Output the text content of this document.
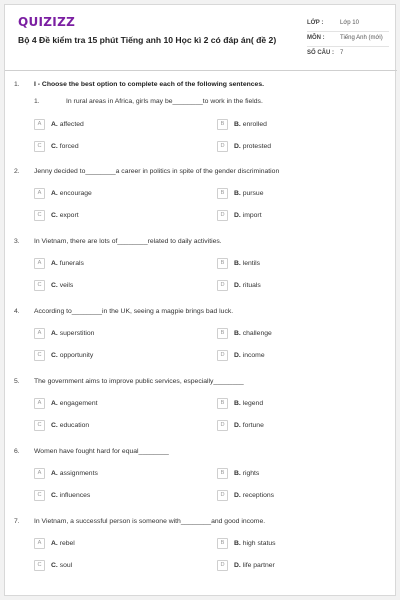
QUIZIZZ
Bộ 4 Đề kiểm tra 15 phút Tiếng anh 10 Học kì 2 có đáp án( đề 2)
LỚP :	Lớp 10
MÔN :	Tiếng Anh (mới)
SỐ CÂU :	7
1. I - Choose the best option to complete each of the following sentences.
1.	In rural areas in Africa, girls may be________to work in the fields.
A	A. affected	B	B. enrolled
C	C. forced	D	D. protested
2. Jenny decided to________a career in politics in spite of the gender discrimination
A	A. encourage	B	B. pursue
C	C. export	D	D. import
3. In Vietnam, there are lots of________related to daily activities.
A	A. funerals	B	B. lentils
C	C. veils	D	D. rituals
4. According to________in the UK, seeing a magpie brings bad luck.
A	A. superstition	B	B. challenge
C	C. opportunity	D	D. income
5. The government aims to improve public services, especially________
A	A. engagement	B	B. legend
C	C. education	D	D. fortune
6. Women have fought hard for equal________
A	A. assignments	B	B. rights
C	C. influences	D	D. receptions
7. In Vietnam, a successful person is someone with________and good income.
A	A. rebel	B	B. high status
C	C. soul	D	D. life partner
